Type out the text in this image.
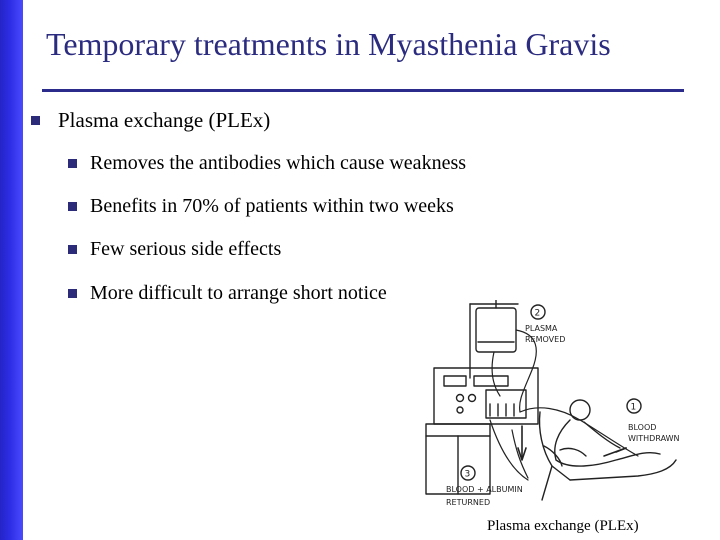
Temporary treatments in Myasthenia Gravis
Plasma exchange (PLEx)
Removes the antibodies which cause weakness
Benefits in 70% of patients within two weeks
Few serious side effects
More difficult to arrange short notice
2
1
3
PLASMA
REMOVED
BLOOD
WITHDRAWN
BLOOD + ALBUMIN
RETURNED
Plasma exchange (PLEx)
